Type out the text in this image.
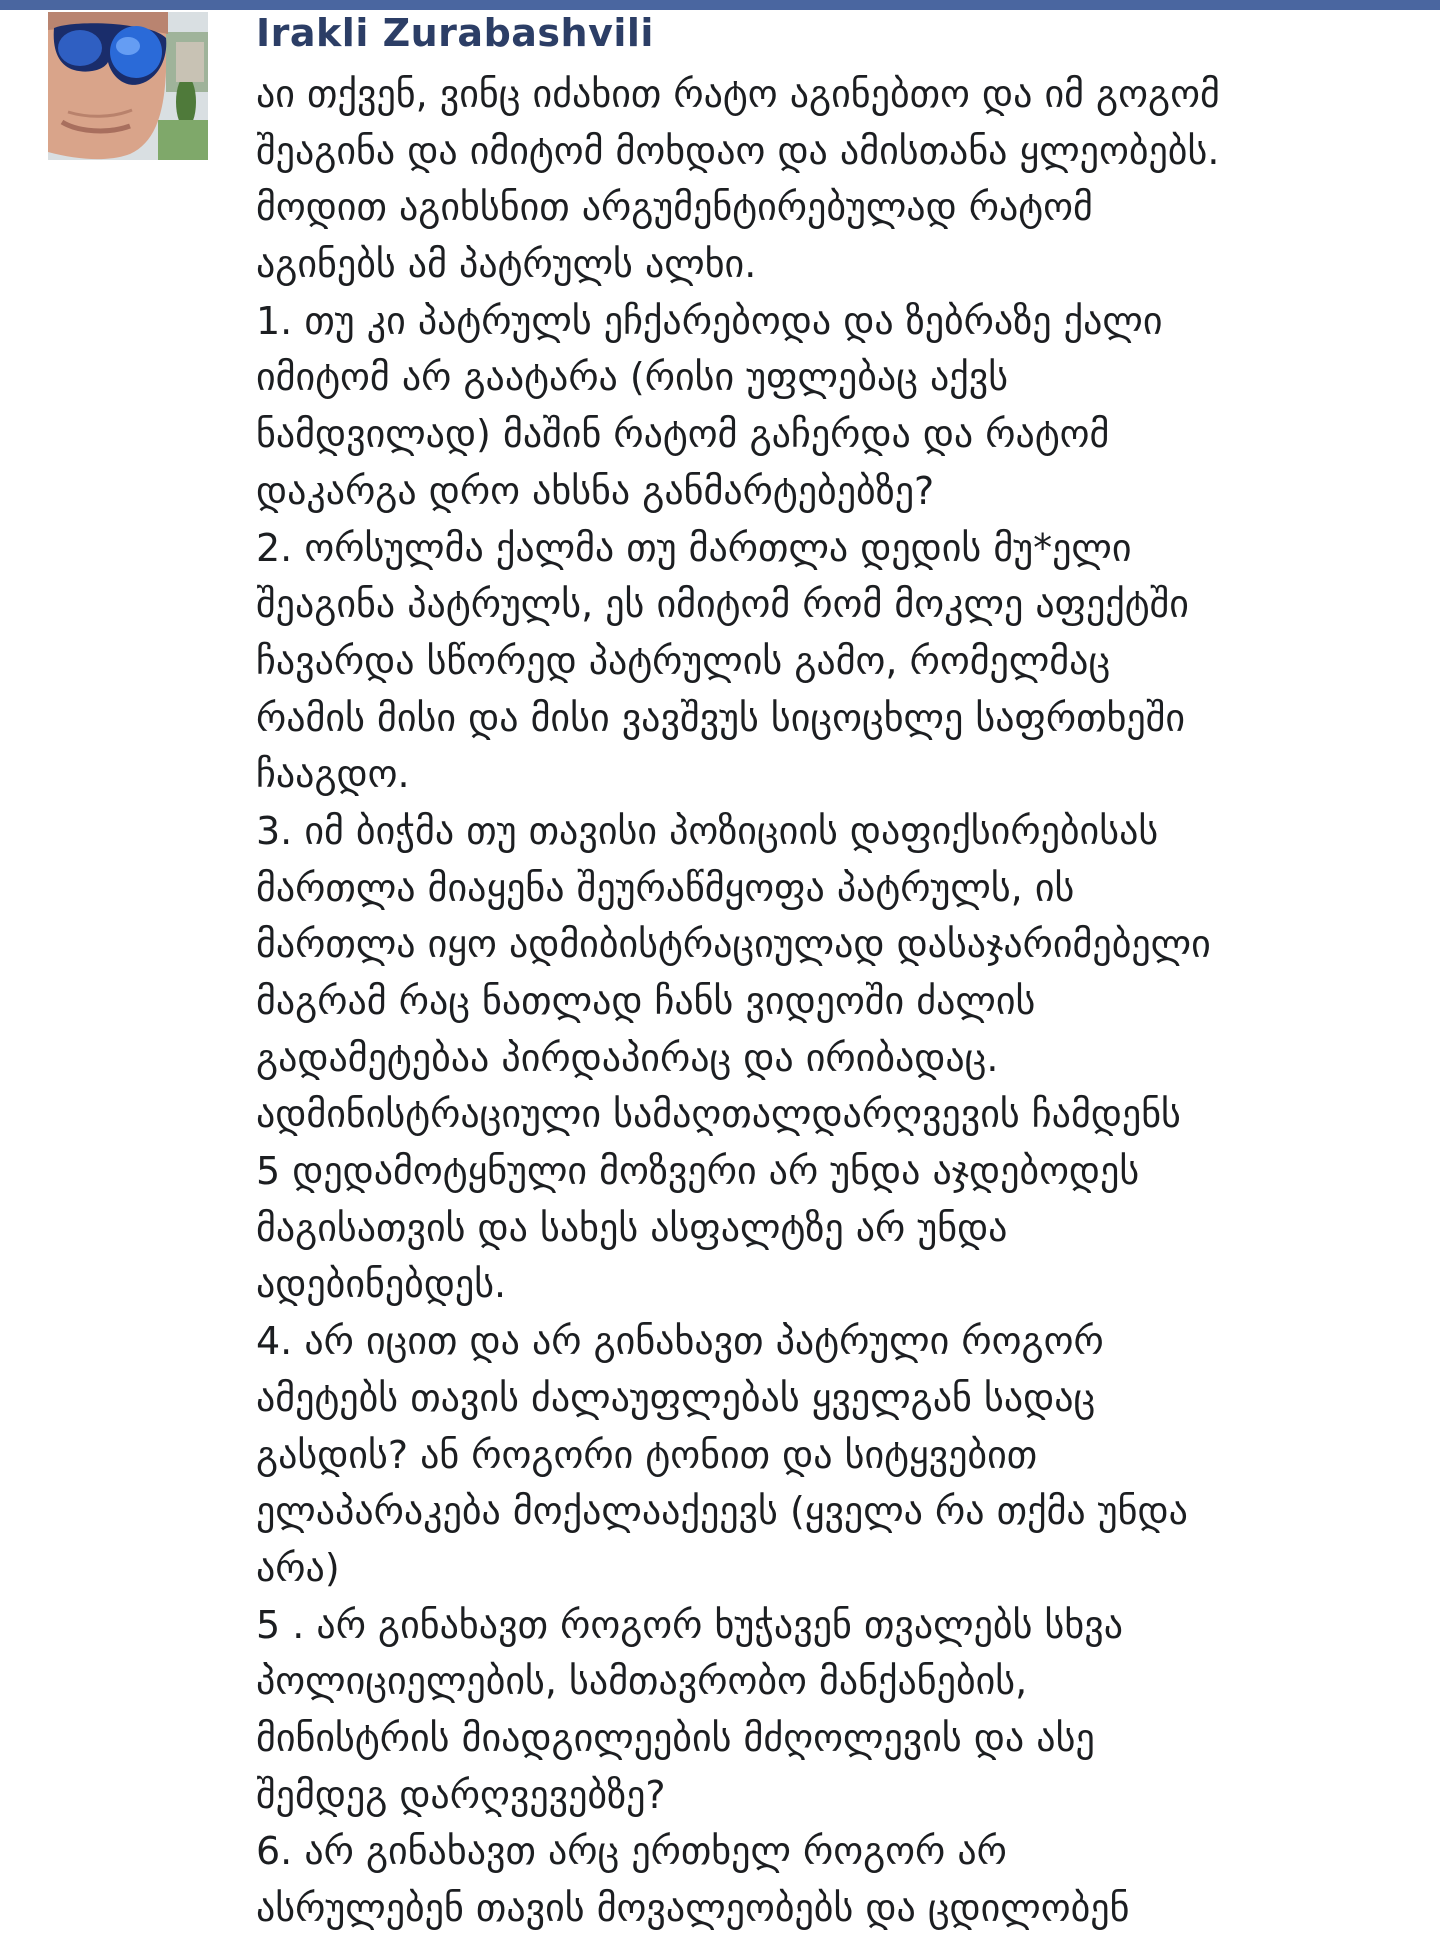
Irakli Zurabashvili
აი თქვენ, ვინც იძახით რატო აგინებთო და იმ გოგომ
შეაგინა და იმიტომ მოხდაო და ამისთანა ყლეობებს.
მოდით აგიხსნით არგუმენტირებულად რატომ
აგინებს ამ პატრულს ალხი.
1. თუ კი პატრულს ეჩქარებოდა და ზებრაზე ქალი
იმიტომ არ გაატარა (რისი უფლებაც აქვს
ნამდვილად) მაშინ რატომ გაჩერდა და რატომ
დაკარგა დრო ახსნა განმარტებებზე?
2. ორსულმა ქალმა თუ მართლა დედის მუ*ელი
შეაგინა პატრულს, ეს იმიტომ რომ მოკლე აფექტში
ჩავარდა სწორედ პატრულის გამო, რომელმაც
რამის მისი და მისი ვავშვუს სიცოცხლე საფრთხეში
ჩააგდო.
3. იმ ბიჭმა თუ თავისი პოზიციის დაფიქსირებისას
მართლა მიაყენა შეურაწმყოფა პატრულს, ის
მართლა იყო ადმიბისტრაციულად დასაჯარიმებელი
მაგრამ რაც ნათლად ჩანს ვიდეოში ძალის
გადამეტებაა პირდაპირაც და ირიბადაც.
ადმინისტრაციული სამაღთალდარღვევის ჩამდენს
5 დედამოტყნული მოზვერი არ უნდა აჯდებოდეს
მაგისათვის და სახეს ასფალტზე არ უნდა
ადებინებდეს.
4. არ იცით და არ გინახავთ პატრული როგორ
ამეტებს თავის ძალაუფლებას ყველგან სადაც
გასდის? ან როგორი ტონით და სიტყვებით
ელაპარაკება მოქალააქეევს (ყველა რა თქმა უნდა
არა)
5 . არ გინახავთ როგორ ხუჭავენ თვალებს სხვა
პოლიციელების, სამთავრობო მანქანების,
მინისტრის მიადგილეების მძღოლევის და ასე
შემდეგ დარღვევებზე?
6. არ გინახავთ არც ერთხელ როგორ არ
ასრულებენ თავის მოვალეობებს და ცდილობენ
